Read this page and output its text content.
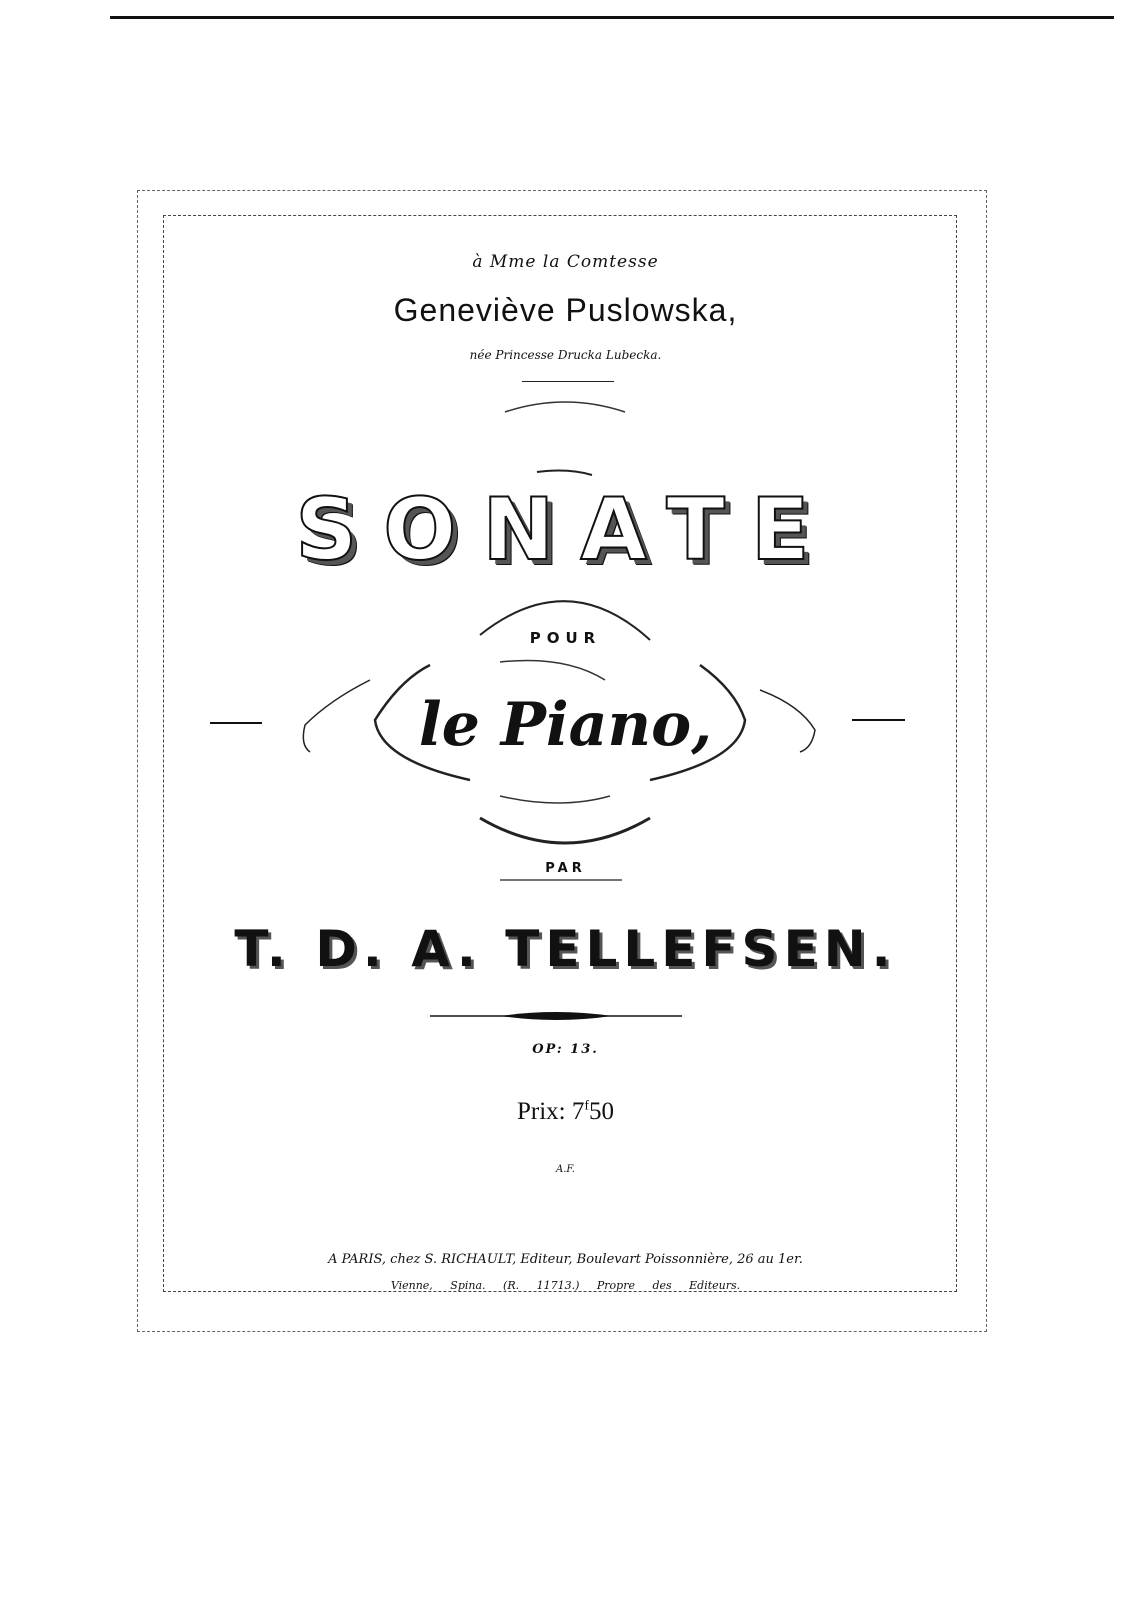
à Mme la Comtesse
Geneviève Puslowska,
née Princesse Drucka Lubecka.
SONATE
POUR
le Piano,
PAR
T. D. A. TELLEFSEN.
OP: 13.
Prix: 7$^f$50
A.F.
A PARIS, chez S. RICHAULT, Editeur, Boulevart Poissonnière, 26 au 1er.
Vienne, Spina. (R. 11713.) Propre des Editeurs.
